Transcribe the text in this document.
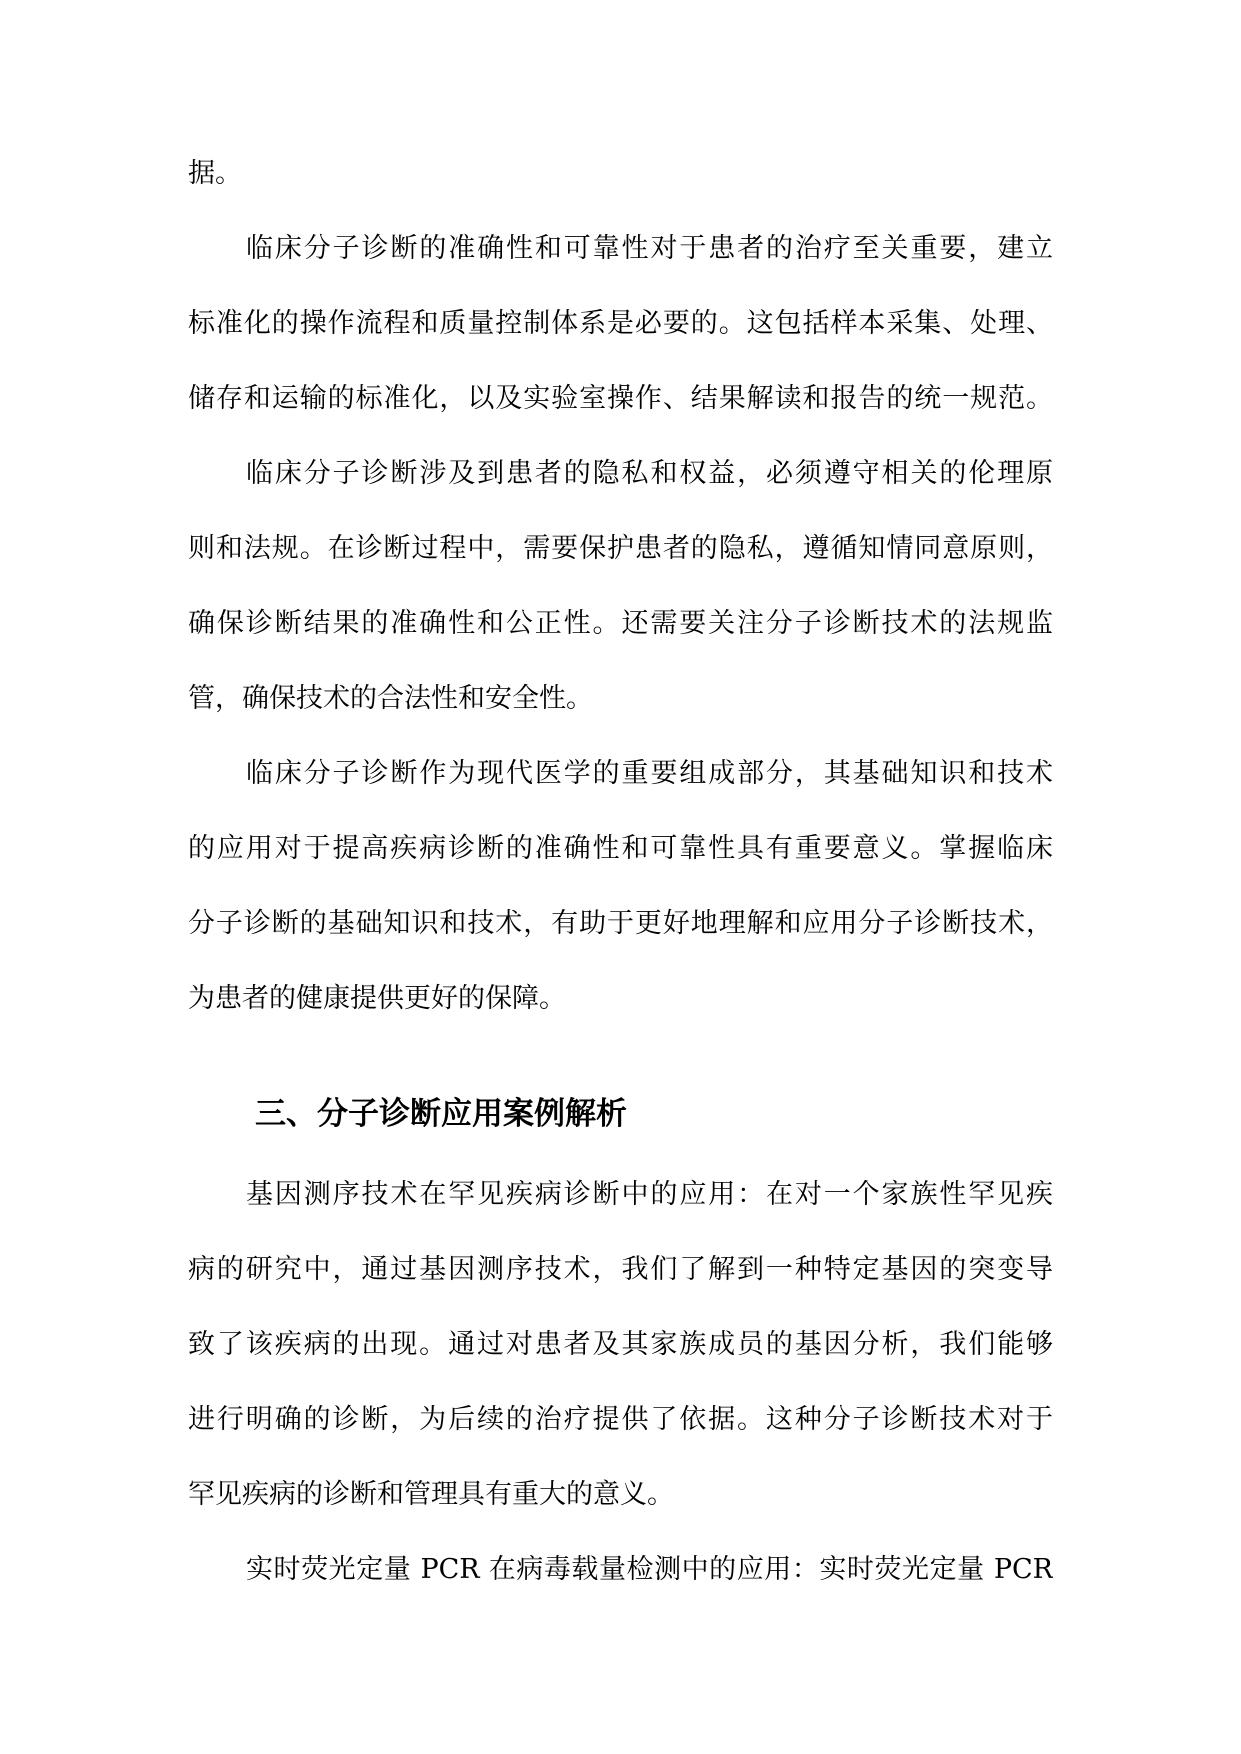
据。
临床分子诊断的准确性和可靠性对于患者的治疗至关重要，建立
标准化的操作流程和质量控制体系是必要的。这包括样本采集、处理、
储存和运输的标准化，以及实验室操作、结果解读和报告的统一规范。
临床分子诊断涉及到患者的隐私和权益，必须遵守相关的伦理原
则和法规。在诊断过程中，需要保护患者的隐私，遵循知情同意原则，
确保诊断结果的准确性和公正性。还需要关注分子诊断技术的法规监
管，确保技术的合法性和安全性。
临床分子诊断作为现代医学的重要组成部分，其基础知识和技术
的应用对于提高疾病诊断的准确性和可靠性具有重要意义。掌握临床
分子诊断的基础知识和技术，有助于更好地理解和应用分子诊断技术，
为患者的健康提供更好的保障。
三、分子诊断应用案例解析
基因测序技术在罕见疾病诊断中的应用：在对一个家族性罕见疾
病的研究中，通过基因测序技术，我们了解到一种特定基因的突变导
致了该疾病的出现。通过对患者及其家族成员的基因分析，我们能够
进行明确的诊断，为后续的治疗提供了依据。这种分子诊断技术对于
罕见疾病的诊断和管理具有重大的意义。
实时荧光定量 PCR 在病毒载量检测中的应用：实时荧光定量 PCR
